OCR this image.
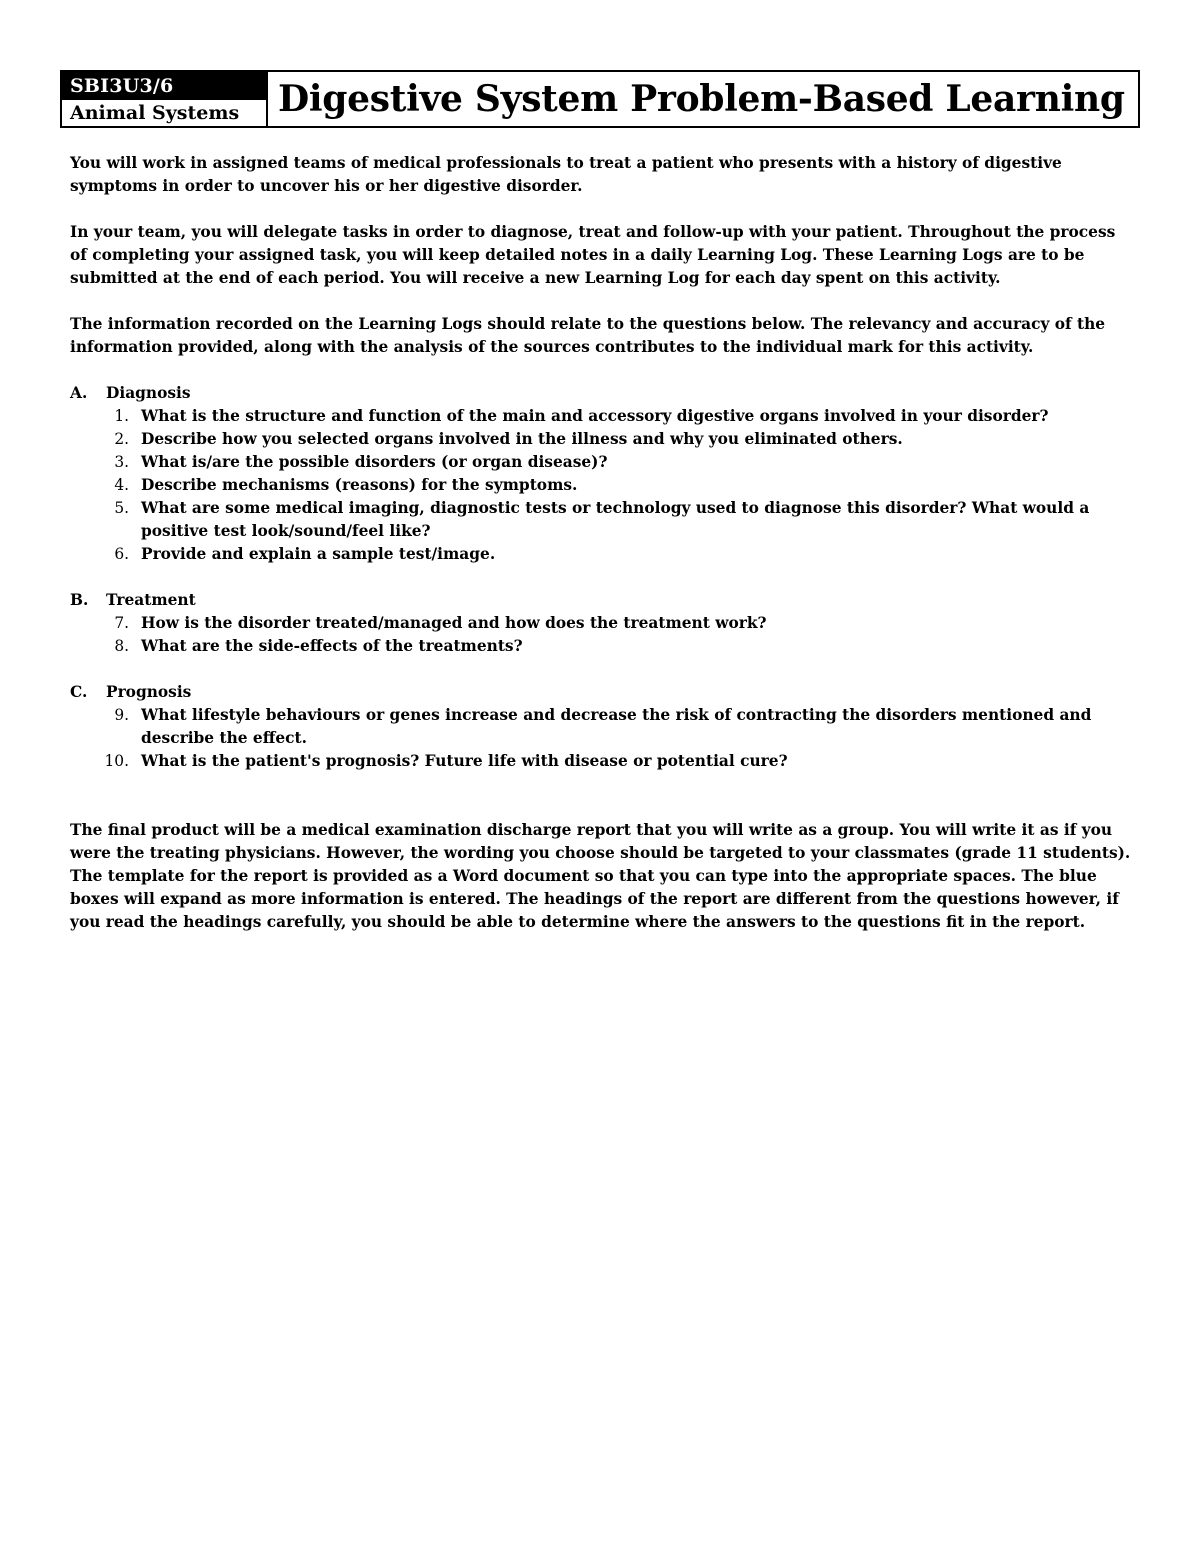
SBI3U3/6
Animal Systems	Digestive System Problem-Based Learning

You will work in assigned teams of medical professionals to treat a patient who presents with a history of digestive symptoms in order to uncover his or her digestive disorder.

In your team, you will delegate tasks in order to diagnose, treat and follow-up with your patient. Throughout the process of completing your assigned task, you will keep detailed notes in a daily Learning Log. These Learning Logs are to be submitted at the end of each period. You will receive a new Learning Log for each day spent on this activity.

The information recorded on the Learning Logs should relate to the questions below. The relevancy and accuracy of the information provided, along with the analysis of the sources contributes to the individual mark for this activity.

A.	Diagnosis
1. What is the structure and function of the main and accessory digestive organs involved in your disorder?
2. Describe how you selected organs involved in the illness and why you eliminated others.
3. What is/are the possible disorders (or organ disease)?
4. Describe mechanisms (reasons) for the symptoms.
5. What are some medical imaging, diagnostic tests or technology used to diagnose this disorder? What would a positive test look/sound/feel like?
6. Provide and explain a sample test/image.
B.	Treatment
7. How is the disorder treated/managed and how does the treatment work?
8. What are the side-effects of the treatments?
C.	Prognosis
9. What lifestyle behaviours or genes increase and decrease the risk of contracting the disorders mentioned and describe the effect.
10. What is the patient's prognosis? Future life with disease or potential cure?

The final product will be a medical examination discharge report that you will write as a group. You will write it as if you were the treating physicians. However, the wording you choose should be targeted to your classmates (grade 11 students). The template for the report is provided as a Word document so that you can type into the appropriate spaces. The blue boxes will expand as more information is entered. The headings of the report are different from the questions however, if you read the headings carefully, you should be able to determine where the answers to the questions fit in the report.
